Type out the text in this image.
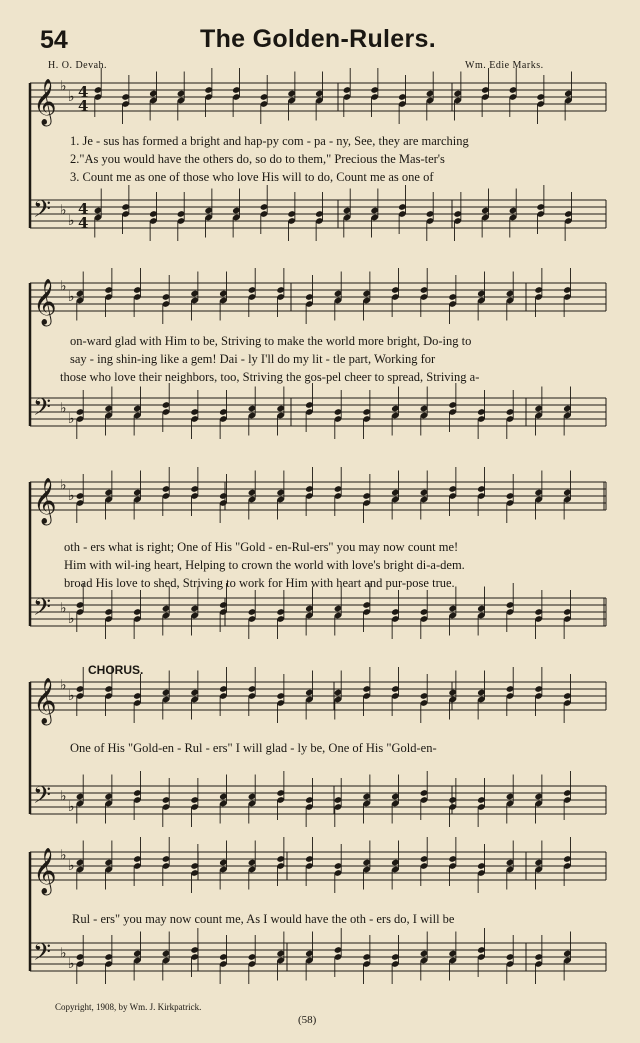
54	The Golden-Rulers.
H. O. Devah.	Wm. Edie Marks.
𝄞 ♭
♭ 4
4
𝄢 ♭
♭
4
4
𝄞 ♭
♭
𝄢 ♭
♭
𝄞 ♭
♭
𝄢 ♭
♭
𝄞 ♭
♭
𝄢 ♭
♭
𝄞 ♭
♭
𝄢 ♭
♭
1. Je - sus has formed a bright and hap-py com - pa - ny, See, they are marching
2."As you would have the others do, so do to them," Precious the Mas-ter's
3. Count me as one of those who love His will to do, Count me as one of
on-ward glad with Him to be, Striving to make the world more bright, Do-ing to
say - ing shin-ing like a gem! Dai - ly I'll do my lit - tle part, Working for
those who love their neighbors, too, Striving the gos-pel cheer to spread, Striving a-
oth - ers what is right; One of His "Gold - en-Rul-ers" you may now count me!
Him with wil-ing heart, Helping to crown the world with love's bright di-a-dem.
broad His love to shed, Striving to work for Him with heart and pur-pose true.
CHORUS.
One of His "Gold-en - Rul - ers" I will glad - ly be, One of His "Gold-en-
Rul - ers" you may now count me, As I would have the oth - ers do, I will be
Copyright, 1908, by Wm. J. Kirkpatrick.
(58)
